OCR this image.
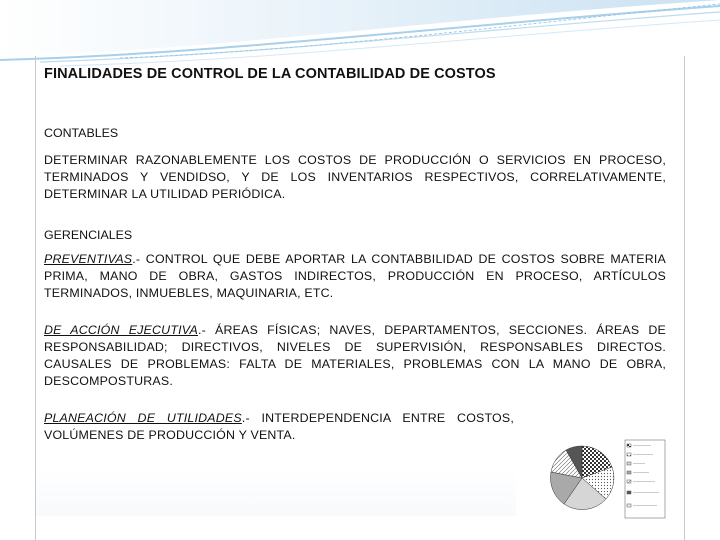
FINALIDADES DE CONTROL DE LA CONTABILIDAD DE COSTOS
CONTABLES
DETERMINAR RAZONABLEMENTE LOS COSTOS DE PRODUCCIÓN O SERVICIOS EN PROCESO, TERMINADOS Y VENDIDSO, Y DE LOS INVENTARIOS RESPECTIVOS, CORRELATIVAMENTE, DETERMINAR LA UTILIDAD PERIÓDICA.
GERENCIALES
PREVENTIVAS.- CONTROL QUE DEBE APORTAR LA CONTABBILIDAD DE COSTOS SOBRE MATERIA PRIMA, MANO DE OBRA, GASTOS INDIRECTOS, PRODUCCIÓN EN PROCESO, ARTÍCULOS TERMINADOS, INMUEBLES, MAQUINARIA, ETC.
DE ACCIÓN EJECUTIVA.- ÁREAS FÍSICAS; NAVES, DEPARTAMENTOS, SECCIONES. ÁREAS DE RESPONSABILIDAD; DIRECTIVOS, NIVELES DE SUPERVISIÓN, RESPONSABLES DIRECTOS. CAUSALES DE PROBLEMAS: FALTA DE MATERIALES, PROBLEMAS CON LA MANO DE OBRA, DESCOMPOSTURAS.
PLANEACIÓN DE UTILIDADES.- INTERDEPENDENCIA ENTRE COSTOS, VOLÚMENES DE PRODUCCIÓN Y VENTA.
